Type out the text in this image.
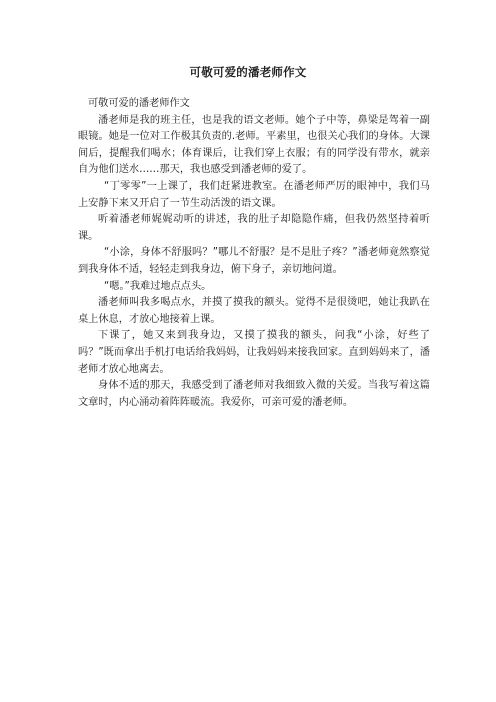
可敬可爱的潘老师作文

可敬可爱的潘老师作文

潘老师是我的班主任，也是我的语文老师。她个子中等，鼻梁是驾着一副眼镜。她是一位对工作极其负责的.老师。平素里，也很关心我们的身体。大课间后，提醒我们喝水；体育课后，让我们穿上衣服；有的同学没有带水，就亲自为他们送水……那天，我也感受到潘老师的爱了。

“丁零零”一上课了，我们赶紧进教室。在潘老师严厉的眼神中，我们马上安静下来又开启了一节生动活泼的语文课。

听着潘老师娓娓动听的讲述，我的肚子却隐隐作痛，但我仍然坚持着听课。

“小涂，身体不舒服吗？”哪儿不舒服？是不是肚子疼？”潘老师竟然察觉到我身体不适，轻轻走到我身边，俯下身子，亲切地问道。

“嗯。”我难过地点点头。

潘老师叫我多喝点水，并摸了摸我的额头。觉得不是很烫吧，她让我趴在桌上休息，才放心地接着上课。

下课了，她又来到我身边，又摸了摸我的额头，问我“小涂，好些了吗？”既而拿出手机打电话给我妈妈，让我妈妈来接我回家。直到妈妈来了，潘老师才放心地离去。

身体不适的那天，我感受到了潘老师对我细致入微的关爱。当我写着这篇文章时，内心涌动着阵阵暖流。我爱你，可亲可爱的潘老师。
